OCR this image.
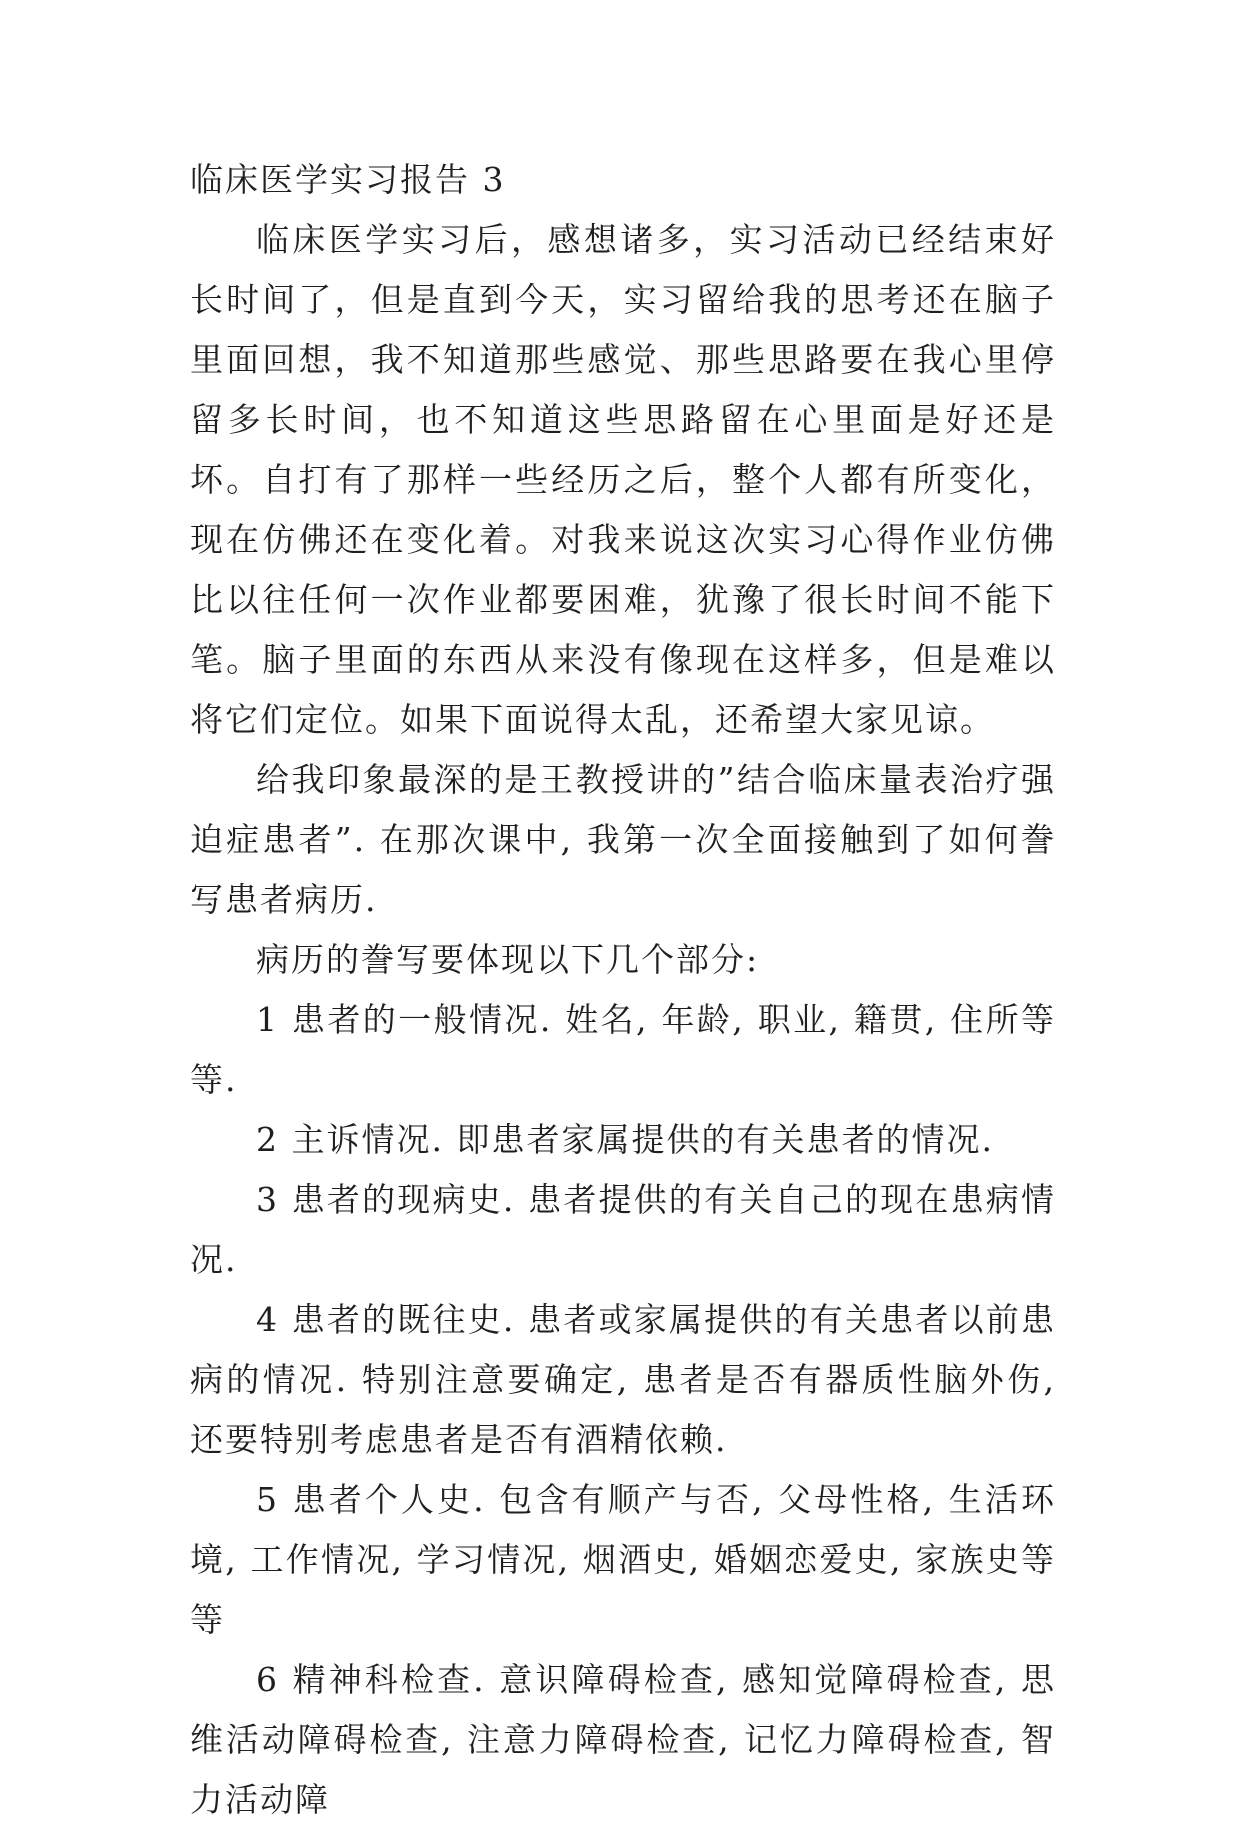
临床医学实习报告 3

临床医学实习后，感想诸多，实习活动已经结束好长时间了，但是直到今天，实习留给我的思考还在脑子里面回想，我不知道那些感觉、那些思路要在我心里停留多长时间，也不知道这些思路留在心里面是好还是坏。自打有了那样一些经历之后，整个人都有所变化，现在仿佛还在变化着。对我来说这次实习心得作业仿佛比以往任何一次作业都要困难，犹豫了很长时间不能下笔。脑子里面的东西从来没有像现在这样多，但是难以将它们定位。如果下面说得太乱，还希望大家见谅。

给我印象最深的是王教授讲的”结合临床量表治疗强迫症患者”. 在那次课中, 我第一次全面接触到了如何誊写患者病历.

病历的誊写要体现以下几个部分:

1 患者的一般情况. 姓名, 年龄, 职业, 籍贯, 住所等等.

2 主诉情况. 即患者家属提供的有关患者的情况.

3 患者的现病史. 患者提供的有关自己的现在患病情况.

4 患者的既往史. 患者或家属提供的有关患者以前患病的情况. 特别注意要确定, 患者是否有器质性脑外伤, 还要特别考虑患者是否有酒精依赖.

5 患者个人史. 包含有顺产与否, 父母性格, 生活环境, 工作情况, 学习情况, 烟酒史, 婚姻恋爱史, 家族史等等

6 精神科检查. 意识障碍检查, 感知觉障碍检查, 思维活动障碍检查, 注意力障碍检查, 记忆力障碍检查, 智力活动障
